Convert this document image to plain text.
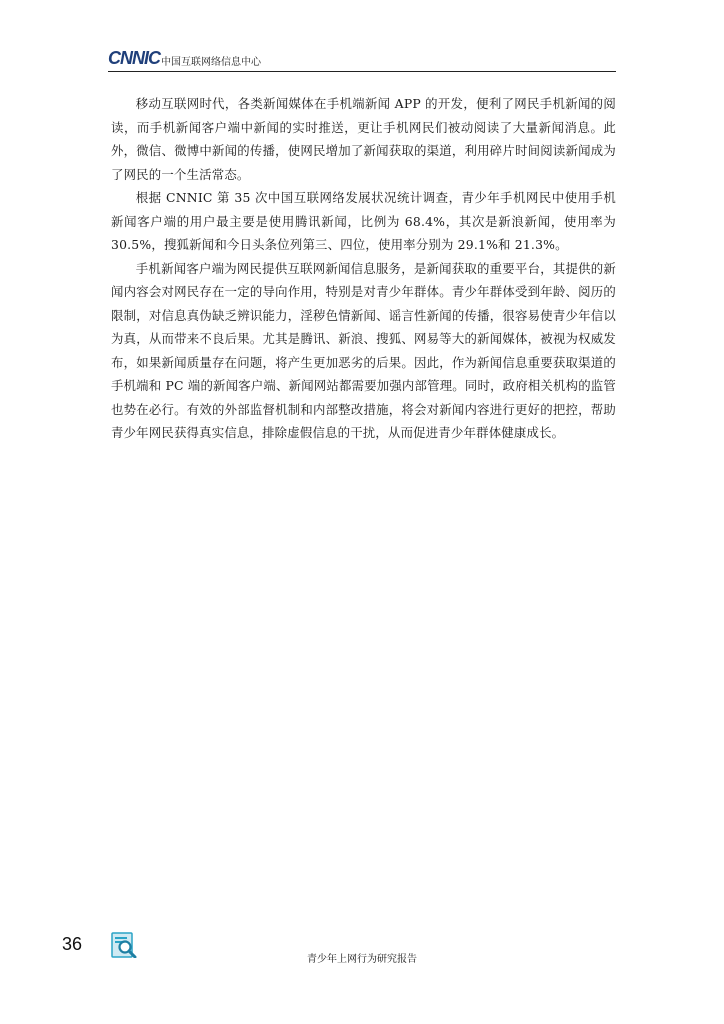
CNNIC 中国互联网络信息中心

移动互联网时代，各类新闻媒体在手机端新闻 APP 的开发，便利了网民手机新闻的阅读，而手机新闻客户端中新闻的实时推送，更让手机网民们被动阅读了大量新闻消息。此外，微信、微博中新闻的传播，使网民增加了新闻获取的渠道，利用碎片时间阅读新闻成为了网民的一个生活常态。

根据 CNNIC 第 35 次中国互联网络发展状况统计调查，青少年手机网民中使用手机新闻客户端的用户最主要是使用腾讯新闻，比例为 68.4%，其次是新浪新闻，使用率为 30.5%，搜狐新闻和今日头条位列第三、四位，使用率分别为 29.1%和 21.3%。

手机新闻客户端为网民提供互联网新闻信息服务，是新闻获取的重要平台，其提供的新闻内容会对网民存在一定的导向作用，特别是对青少年群体。青少年群体受到年龄、阅历的限制，对信息真伪缺乏辨识能力，淫秽色情新闻、谣言性新闻的传播，很容易使青少年信以为真，从而带来不良后果。尤其是腾讯、新浪、搜狐、网易等大的新闻媒体，被视为权威发布，如果新闻质量存在问题，将产生更加恶劣的后果。因此，作为新闻信息重要获取渠道的手机端和 PC 端的新闻客户端、新闻网站都需要加强内部管理。同时，政府相关机构的监管也势在必行。有效的外部监督机制和内部整改措施，将会对新闻内容进行更好的把控，帮助青少年网民获得真实信息，排除虚假信息的干扰，从而促进青少年群体健康成长。

36
青少年上网行为研究报告
